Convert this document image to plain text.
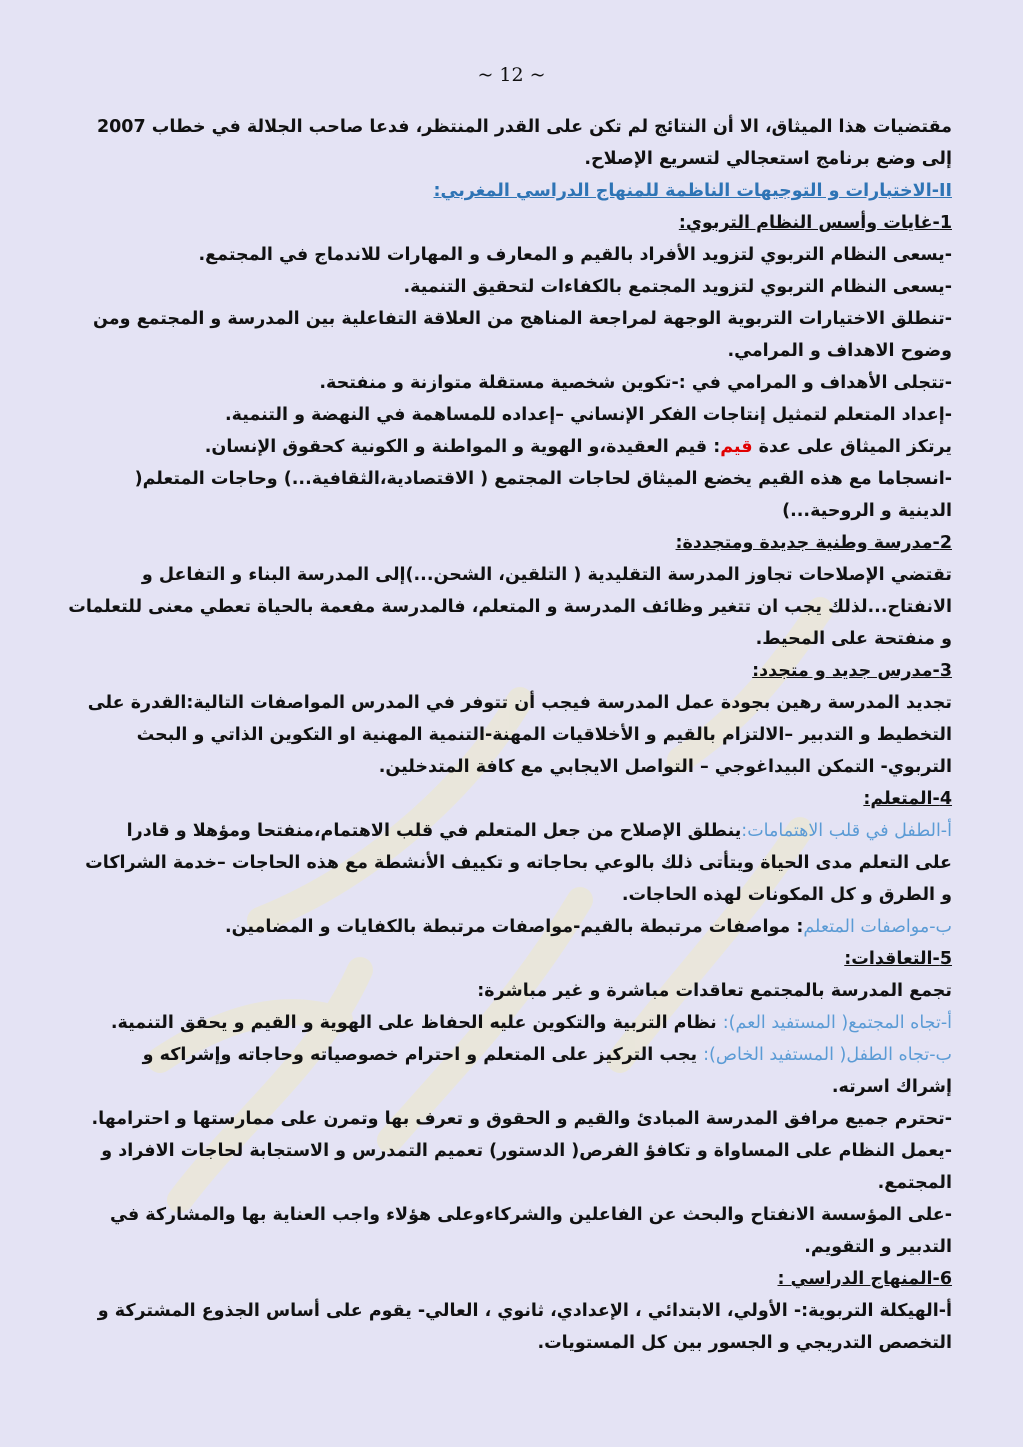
~ 12 ~
مقتضيات هذا الميثاق، الا أن النتائج لم تكن على القدر المنتظر، فدعا صاحب الجلالة في خطاب 2007
إلى وضع برنامج استعجالي لتسريع الإصلاح.
II-الاختبارات و التوجيهات الناظمة للمنهاج الدراسي المغربي:
1-غايات وأسس النظام التربوي:
-يسعى النظام التربوي لتزويد الأفراد بالقيم و المعارف و المهارات للاندماج في المجتمع.
-يسعى النظام التربوي لتزويد المجتمع بالكفاءات لتحقيق التنمية.
-تنطلق الاختيارات التربوية الوجهة لمراجعة المناهج من العلاقة التفاعلية بين المدرسة و المجتمع ومن
وضوح الاهداف و المرامي.
-تتجلى الأهداف و المرامي في :-تكوين شخصية مستقلة متوازنة و منفتحة.
-إعداد المتعلم لتمثيل إنتاجات الفكر الإنساني –إعداده للمساهمة في النهضة و التنمية.
يرتكز الميثاق على عدة قيم: قيم العقيدة،و الهوية و المواطنة و الكونية كحقوق الإنسان.
-انسجاما مع هذه القيم يخضع الميثاق لحاجات المجتمع ( الاقتصادية،الثقافية...) وحاجات المتعلم(
الدينية و الروحية...)
2-مدرسة وطنية جديدة ومتجددة:
تقتضي الإصلاحات تجاوز المدرسة التقليدية ( التلقين، الشحن...)إلى المدرسة البناء و التفاعل و
الانفتاح...لذلك يجب ان تتغير وظائف المدرسة و المتعلم، فالمدرسة مفعمة بالحياة تعطي معنى للتعلمات
و منفتحة على المحيط.
3-مدرس جديد و متجدد:
تجديد المدرسة رهين بجودة عمل المدرسة فيجب أن تتوفر في المدرس المواصفات التالية:القدرة على
التخطيط و التدبير –الالتزام بالقيم و الأخلاقيات المهنة-التنمية المهنية او التكوين الذاتي و البحث
التربوي- التمكن البيداغوجي – التواصل الايجابي مع كافة المتدخلين.
4-المتعلم:
أ-الطفل في قلب الاهتمامات:ينطلق الإصلاح من جعل المتعلم في قلب الاهتمام،منفتحا ومؤهلا و قادرا
على التعلم مدى الحياة ويتأتى ذلك بالوعي بحاجاته و تكييف الأنشطة مع هذه الحاجات –خدمة الشراكات
و الطرق و كل المكونات لهذه الحاجات.
ب-مواصفات المتعلم: مواصفات مرتبطة بالقيم-مواصفات مرتبطة بالكفايات و المضامين.
5-التعاقدات:
تجمع المدرسة بالمجتمع تعاقدات مباشرة و غير مباشرة:
أ-تجاه المجتمع( المستفيد العم): نظام التربية والتكوين عليه الحفاظ على الهوية و القيم و يحقق التنمية.
ب-تجاه الطفل( المستفيد الخاص): يجب التركيز على المتعلم و احترام خصوصياته وحاجاته وإشراكه و
إشراك اسرته.
-تحترم جميع مرافق المدرسة المبادئ والقيم و الحقوق و تعرف بها وتمرن على ممارستها و احترامها.
-يعمل النظام على المساواة و تكافؤ الفرص( الدستور) تعميم التمدرس و الاستجابة لحاجات الافراد و
المجتمع.
-على المؤسسة الانفتاح والبحث عن الفاعلين والشركاءوعلى هؤلاء واجب العناية بها والمشاركة في
التدبير و التقويم.
6-المنهاج الدراسي :
أ-الهيكلة التربوية:- الأولي، الابتدائي ، الإعدادي، ثانوي ، العالي- يقوم على أساس الجذوع المشتركة و
التخصص التدريجي و الجسور بين كل المستويات.
